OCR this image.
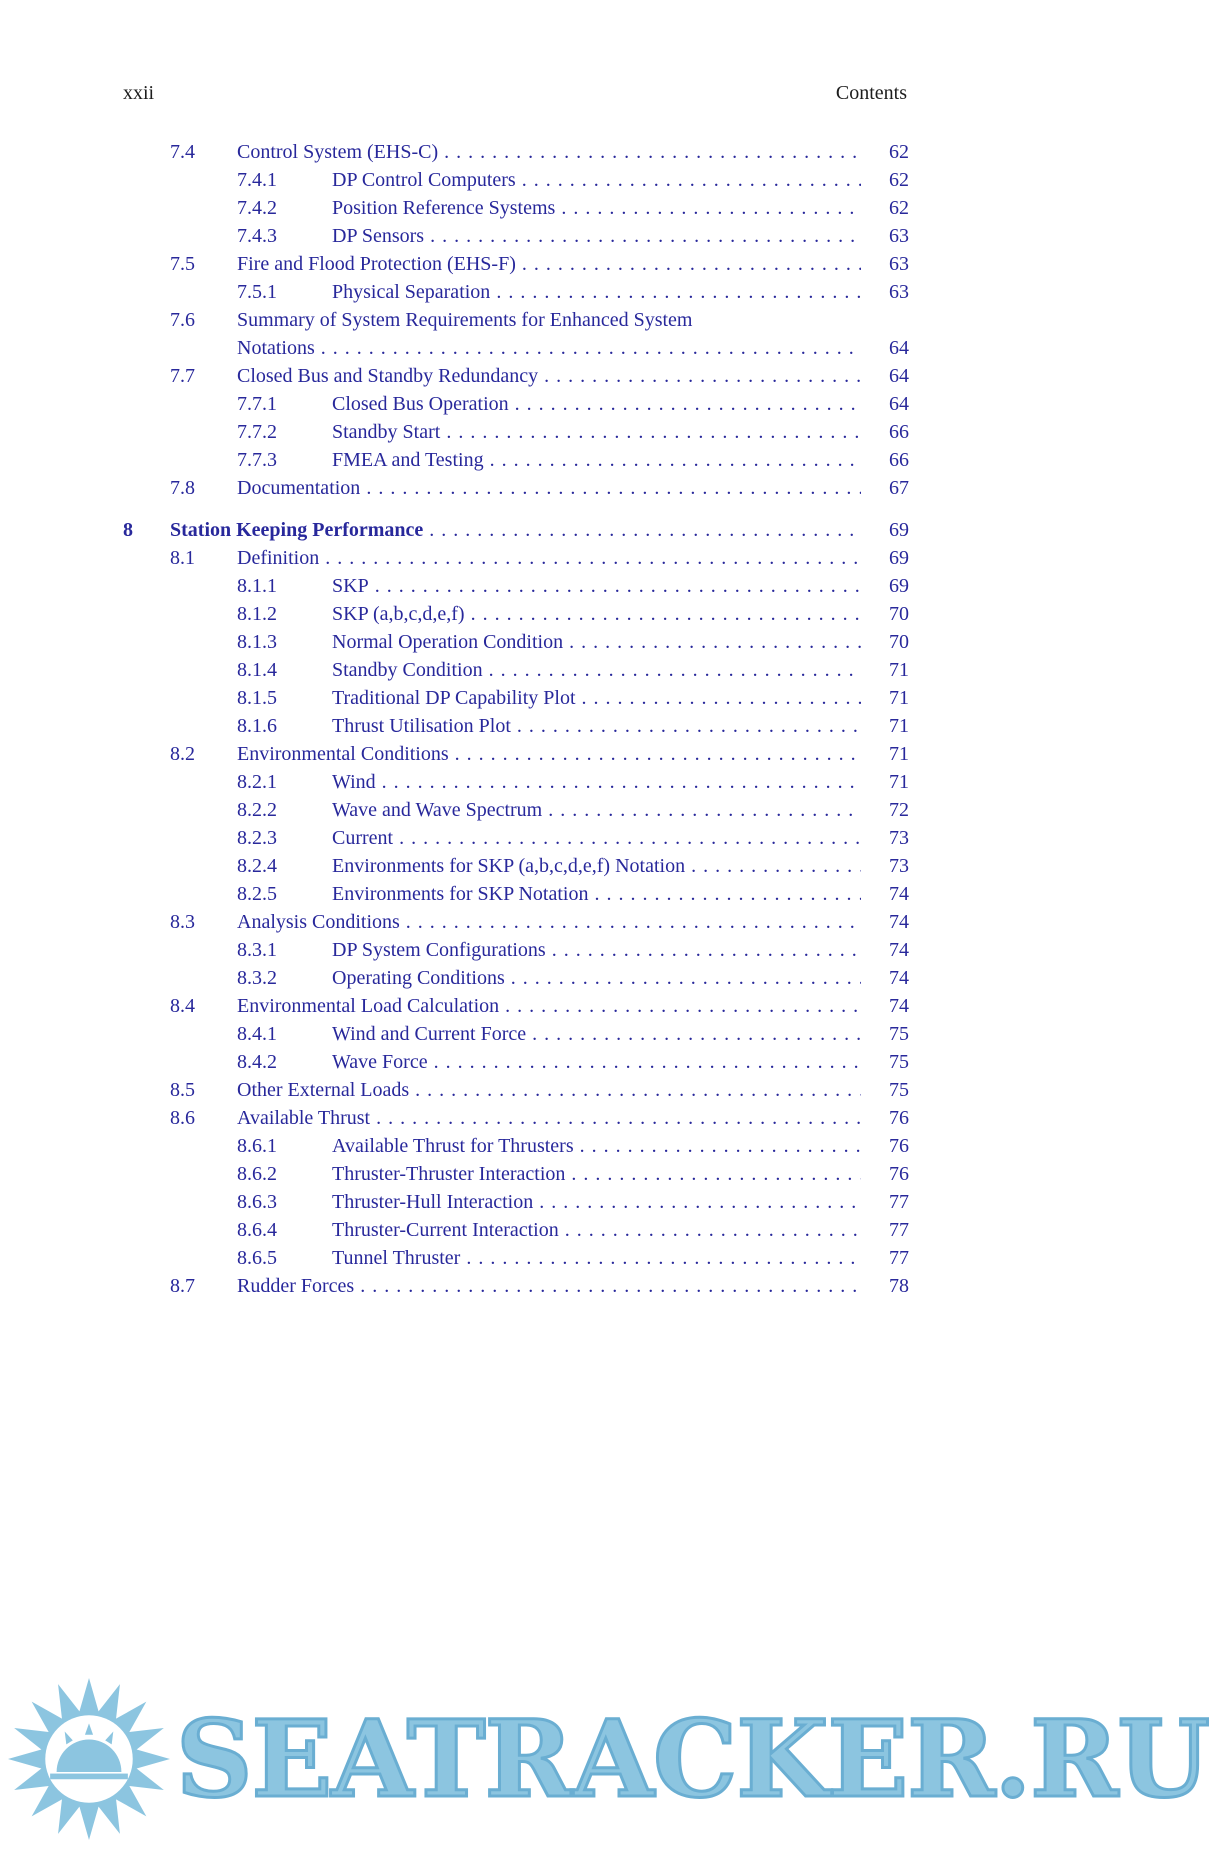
xxii	Contents
7.4	Control System (EHS-C) .....	62
7.4.1	DP Control Computers .....	62
7.4.2	Position Reference Systems .....	62
7.4.3	DP Sensors .....	63
7.5	Fire and Flood Protection (EHS-F) .....	63
7.5.1	Physical Separation .....	63
7.6	Summary of System Requirements for Enhanced System
Notations .....	64
7.7	Closed Bus and Standby Redundancy .....	64
7.7.1	Closed Bus Operation .....	64
7.7.2	Standby Start .....	66
7.7.3	FMEA and Testing .....	66
7.8	Documentation .....	67
8	Station Keeping Performance .....	69
8.1	Definition .....	69
8.1.1	SKP .....	69
8.1.2	SKP (a,b,c,d,e,f) .....	70
8.1.3	Normal Operation Condition .....	70
8.1.4	Standby Condition .....	71
8.1.5	Traditional DP Capability Plot .....	71
8.1.6	Thrust Utilisation Plot .....	71
8.2	Environmental Conditions .....	71
8.2.1	Wind .....	71
8.2.2	Wave and Wave Spectrum .....	72
8.2.3	Current .....	73
8.2.4	Environments for SKP (a,b,c,d,e,f) Notation .....	73
8.2.5	Environments for SKP Notation .....	74
8.3	Analysis Conditions .....	74
8.3.1	DP System Configurations .....	74
8.3.2	Operating Conditions .....	74
8.4	Environmental Load Calculation .....	74
8.4.1	Wind and Current Force .....	75
8.4.2	Wave Force .....	75
8.5	Other External Loads .....	75
8.6	Available Thrust .....	76
8.6.1	Available Thrust for Thrusters .....	76
8.6.2	Thruster-Thruster Interaction .....	76
8.6.3	Thruster-Hull Interaction .....	77
8.6.4	Thruster-Current Interaction .....	77
8.6.5	Tunnel Thruster .....	77
8.7	Rudder Forces .....	78
SEATRACKER.RU
